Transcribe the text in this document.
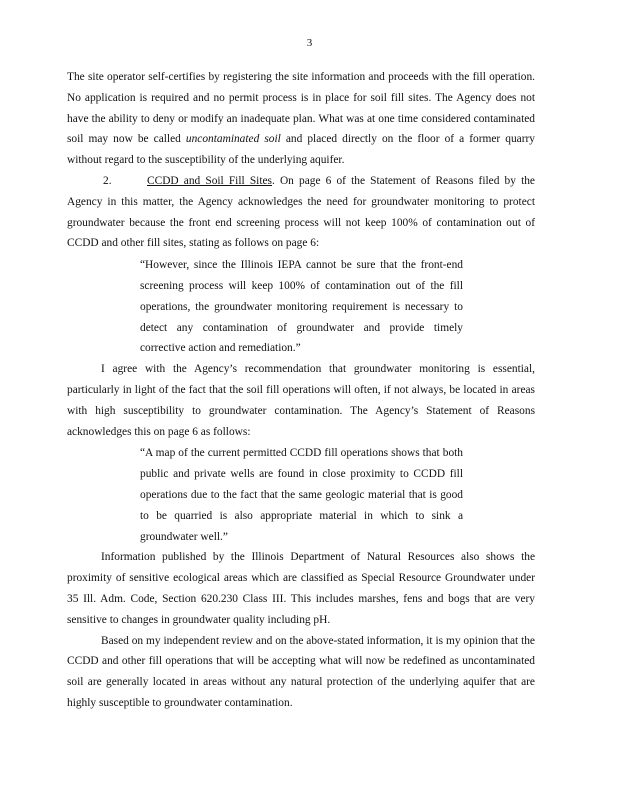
3

The site operator self-certifies by registering the site information and proceeds with the fill operation. No application is required and no permit process is in place for soil fill sites. The Agency does not have the ability to deny or modify an inadequate plan. What was at one time considered contaminated soil may now be called uncontaminated soil and placed directly on the floor of a former quarry without regard to the susceptibility of the underlying aquifer.

2.	CCDD and Soil Fill Sites. On page 6 of the Statement of Reasons filed by the Agency in this matter, the Agency acknowledges the need for groundwater monitoring to protect groundwater because the front end screening process will not keep 100% of contamination out of CCDD and other fill sites, stating as follows on page 6:

“However, since the Illinois IEPA cannot be sure that the front-end screening process will keep 100% of contamination out of the fill operations, the groundwater monitoring requirement is necessary to detect any contamination of groundwater and provide timely corrective action and remediation.”

I agree with the Agency’s recommendation that groundwater monitoring is essential, particularly in light of the fact that the soil fill operations will often, if not always, be located in areas with high susceptibility to groundwater contamination. The Agency’s Statement of Reasons acknowledges this on page 6 as follows:

“A map of the current permitted CCDD fill operations shows that both public and private wells are found in close proximity to CCDD fill operations due to the fact that the same geologic material that is good to be quarried is also appropriate material in which to sink a groundwater well.”

Information published by the Illinois Department of Natural Resources also shows the proximity of sensitive ecological areas which are classified as Special Resource Groundwater under 35 Ill. Adm. Code, Section 620.230 Class III. This includes marshes, fens and bogs that are very sensitive to changes in groundwater quality including pH.

Based on my independent review and on the above-stated information, it is my opinion that the CCDD and other fill operations that will be accepting what will now be redefined as uncontaminated soil are generally located in areas without any natural protection of the underlying aquifer that are highly susceptible to groundwater contamination.
